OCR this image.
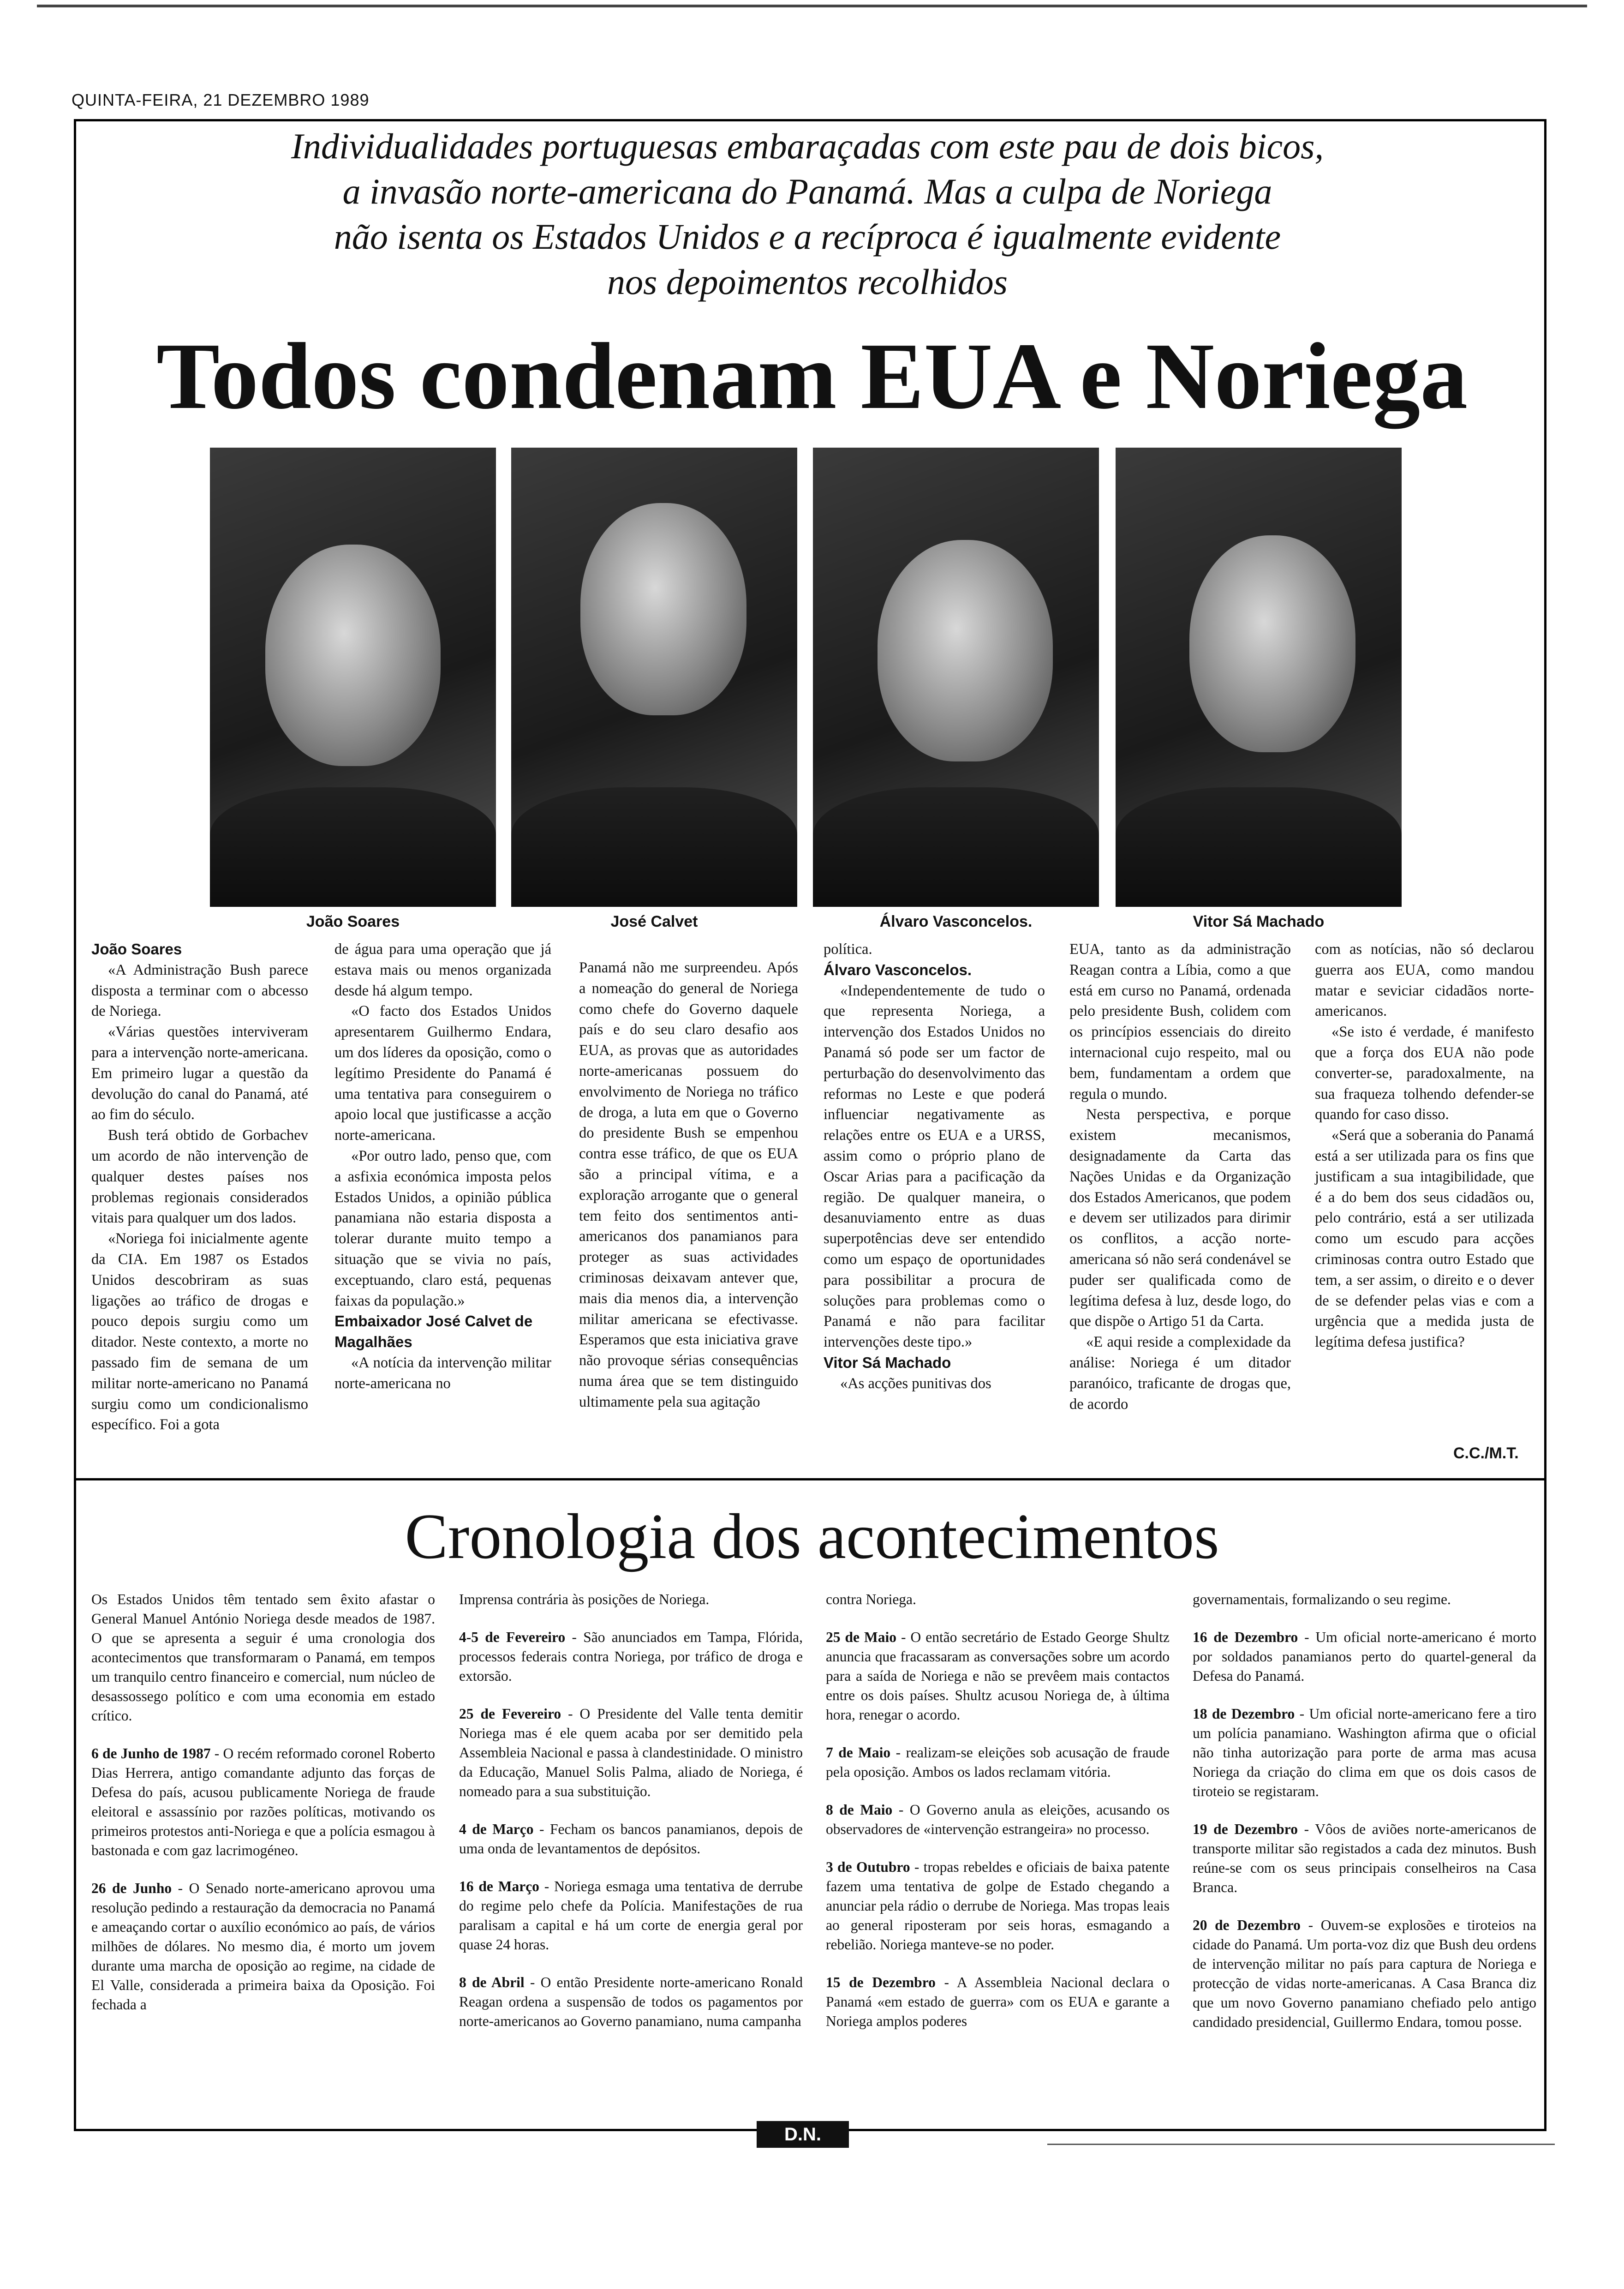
QUINTA-FEIRA, 21 DEZEMBRO 1989
Individualidades portuguesas embaraçadas com este pau de dois bicos,
a invasão norte-americana do Panamá. Mas a culpa de Noriega
não isenta os Estados Unidos e a recíproca é igualmente evidente
nos depoimentos recolhidos
Todos condenam EUA e Noriega
João Soares	José Calvet	Álvaro Vasconcelos.	Vitor Sá Machado

João Soares

«A Administração Bush parece disposta a terminar com o abcesso de Noriega.

«Várias questões interviveram para a intervenção norte-americana. Em primeiro lugar a questão da devolução do canal do Panamá, até ao fim do século.

Bush terá obtido de Gorbachev um acordo de não intervenção de qualquer destes países nos problemas regionais considerados vitais para qualquer um dos lados.

«Noriega foi inicialmente agente da CIA. Em 1987 os Estados Unidos descobriram as suas ligações ao tráfico de drogas e pouco depois surgiu como um ditador. Neste contexto, a morte no passado fim de semana de um militar norte-americano no Panamá surgiu como um condicionalismo específico. Foi a gota

de água para uma operação que já estava mais ou menos organizada desde há algum tempo.

«O facto dos Estados Unidos apresentarem Guilhermo Endara, um dos líderes da oposição, como o legítimo Presidente do Panamá é uma tentativa para conseguirem o apoio local que justificasse a acção norte-americana.

«Por outro lado, penso que, com a asfixia económica imposta pelos Estados Unidos, a opinião pública panamiana não estaria disposta a tolerar durante muito tempo a situação que se vivia no país, exceptuando, claro está, pequenas faixas da população.»

Embaixador José Calvet de Magalhães

«A notícia da intervenção militar norte-americana no

Panamá não me surpreendeu. Após a nomeação do general de Noriega como chefe do Governo daquele país e do seu claro desafio aos EUA, as provas que as autoridades norte-americanas possuem do envolvimento de Noriega no tráfico de droga, a luta em que o Governo do presidente Bush se empenhou contra esse tráfico, de que os EUA são a principal vítima, e a exploração arrogante que o general tem feito dos sentimentos anti-americanos dos panamianos para proteger as suas actividades criminosas deixavam antever que, mais dia menos dia, a intervenção militar americana se efectivasse. Esperamos que esta iniciativa grave não provoque sérias consequências numa área que se tem distinguido ultimamente pela sua agitação

política.

Álvaro Vasconcelos.

«Independentemente de tudo o que representa Noriega, a intervenção dos Estados Unidos no Panamá só pode ser um factor de perturbação do desenvolvimento das reformas no Leste e que poderá influenciar negativamente as relações entre os EUA e a URSS, assim como o próprio plano de Oscar Arias para a pacificação da região. De qualquer maneira, o desanuviamento entre as duas superpotências deve ser entendido como um espaço de oportunidades para possibilitar a procura de soluções para problemas como o Panamá e não para facilitar intervenções deste tipo.»

Vitor Sá Machado

«As acções punitivas dos

EUA, tanto as da administração Reagan contra a Líbia, como a que está em curso no Panamá, ordenada pelo presidente Bush, colidem com os princípios essenciais do direito internacional cujo respeito, mal ou bem, fundamentam a ordem que regula o mundo.

Nesta perspectiva, e porque existem mecanismos, designadamente da Carta das Nações Unidas e da Organização dos Estados Americanos, que podem e devem ser utilizados para dirimir os conflitos, a acção norte-americana só não será condenável se puder ser qualificada como de legítima defesa à luz, desde logo, do que dispõe o Artigo 51 da Carta.

«E aqui reside a complexidade da análise: Noriega é um ditador paranóico, traficante de drogas que, de acordo

com as notícias, não só declarou guerra aos EUA, como mandou matar e seviciar cidadãos norte-americanos.

«Se isto é verdade, é manifesto que a força dos EUA não pode converter-se, paradoxalmente, na sua fraqueza tolhendo defender-se quando for caso disso.

«Será que a soberania do Panamá está a ser utilizada para os fins que justificam a sua intagibilidade, que é a do bem dos seus cidadãos ou, pelo contrário, está a ser utilizada como um escudo para acções criminosas contra outro Estado que tem, a ser assim, o direito e o dever de se defender pelas vias e com a urgência que a medida justa de legítima defesa justifica?

C.C./M.T.
Cronologia dos acontecimentos

Os Estados Unidos têm tentado sem êxito afastar o General Manuel António Noriega desde meados de 1987. O que se apresenta a seguir é uma cronologia dos acontecimentos que transformaram o Panamá, em tempos um tranquilo centro financeiro e comercial, num núcleo de desassossego político e com uma economia em estado crítico.

6 de Junho de 1987 - O recém reformado coronel Roberto Dias Herrera, antigo comandante adjunto das forças de Defesa do país, acusou publicamente Noriega de fraude eleitoral e assassínio por razões políticas, motivando os primeiros protestos anti-Noriega e que a polícia esmagou à bastonada e com gaz lacrimogéneo.

26 de Junho - O Senado norte-americano aprovou uma resolução pedindo a restauração da democracia no Panamá e ameaçando cortar o auxílio económico ao país, de vários milhões de dólares. No mesmo dia, é morto um jovem durante uma marcha de oposição ao regime, na cidade de El Valle, considerada a primeira baixa da Oposição. Foi fechada a

Imprensa contrária às posições de Noriega.

4-5 de Fevereiro - São anunciados em Tampa, Flórida, processos federais contra Noriega, por tráfico de droga e extorsão.

25 de Fevereiro - O Presidente del Valle tenta demitir Noriega mas é ele quem acaba por ser demitido pela Assembleia Nacional e passa à clandestinidade. O ministro da Educação, Manuel Solis Palma, aliado de Noriega, é nomeado para a sua substituição.

4 de Março - Fecham os bancos panamianos, depois de uma onda de levantamentos de depósitos.

16 de Março - Noriega esmaga uma tentativa de derrube do regime pelo chefe da Polícia. Manifestações de rua paralisam a capital e há um corte de energia geral por quase 24 horas.

8 de Abril - O então Presidente norte-americano Ronald Reagan ordena a suspensão de todos os pagamentos por norte-americanos ao Governo panamiano, numa campanha

contra Noriega.

25 de Maio - O então secretário de Estado George Shultz anuncia que fracassaram as conversações sobre um acordo para a saída de Noriega e não se prevêem mais contactos entre os dois países. Shultz acusou Noriega de, à última hora, renegar o acordo.

7 de Maio - realizam-se eleições sob acusação de fraude pela oposição. Ambos os lados reclamam vitória.

8 de Maio - O Governo anula as eleições, acusando os observadores de «intervenção estrangeira» no processo.

3 de Outubro - tropas rebeldes e oficiais de baixa patente fazem uma tentativa de golpe de Estado chegando a anunciar pela rádio o derrube de Noriega. Mas tropas leais ao general riposteram por seis horas, esmagando a rebelião. Noriega manteve-se no poder.

15 de Dezembro - A Assembleia Nacional declara o Panamá «em estado de guerra» com os EUA e garante a Noriega amplos poderes

governamentais, formalizando o seu regime.

16 de Dezembro - Um oficial norte-americano é morto por soldados panamianos perto do quartel-general da Defesa do Panamá.

18 de Dezembro - Um oficial norte-americano fere a tiro um polícia panamiano. Washington afirma que o oficial não tinha autorização para porte de arma mas acusa Noriega da criação do clima em que os dois casos de tiroteio se registaram.

19 de Dezembro - Vôos de aviões norte-americanos de transporte militar são registados a cada dez minutos. Bush reúne-se com os seus principais conselheiros na Casa Branca.

20 de Dezembro - Ouvem-se explosões e tiroteios na cidade do Panamá. Um porta-voz diz que Bush deu ordens de intervenção militar no país para captura de Noriega e protecção de vidas norte-americanas. A Casa Branca diz que um novo Governo panamiano chefiado pelo antigo candidado presidencial, Guillermo Endara, tomou posse.

D.N.
